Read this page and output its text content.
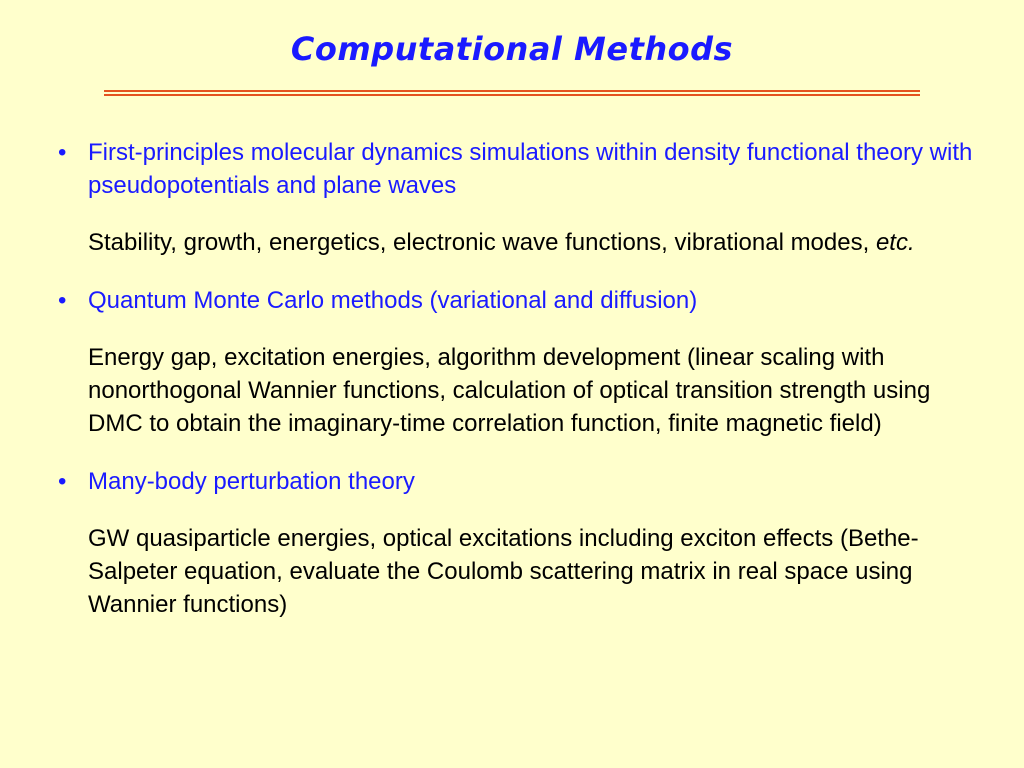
Computational Methods
• First-principles molecular dynamics simulations within density functional theory with pseudopotentials and plane waves
Stability, growth, energetics, electronic wave functions, vibrational modes, etc.
• Quantum Monte Carlo methods (variational and diffusion)
Energy gap, excitation energies, algorithm development (linear scaling with nonorthogonal Wannier functions, calculation of optical transition strength using DMC to obtain the imaginary-time correlation function, finite magnetic field)
• Many-body perturbation theory
GW quasiparticle energies, optical excitations including exciton effects (Bethe-Salpeter equation, evaluate the Coulomb scattering matrix in real space using Wannier functions)
